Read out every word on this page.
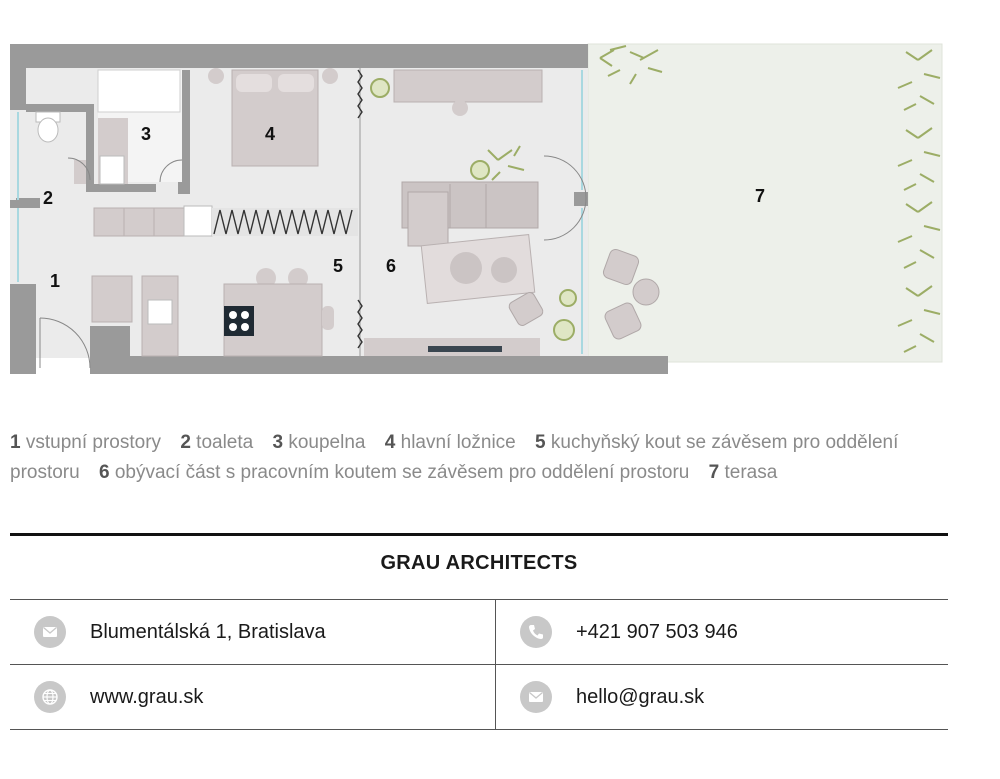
1
2
3	4
5 6
7
1 vstupní prostory 2 toaleta 3 koupelna 4 hlavní ložnice 5 kuchyňský kout se závěsem pro oddělení prostoru 6 obývací část s pracovním koutem se závěsem pro oddělení prostoru 7 terasa
GRAU ARCHITECTS
Blumentálská 1, Bratislava	+421 907 503 946
www.grau.sk	hello@grau.sk
